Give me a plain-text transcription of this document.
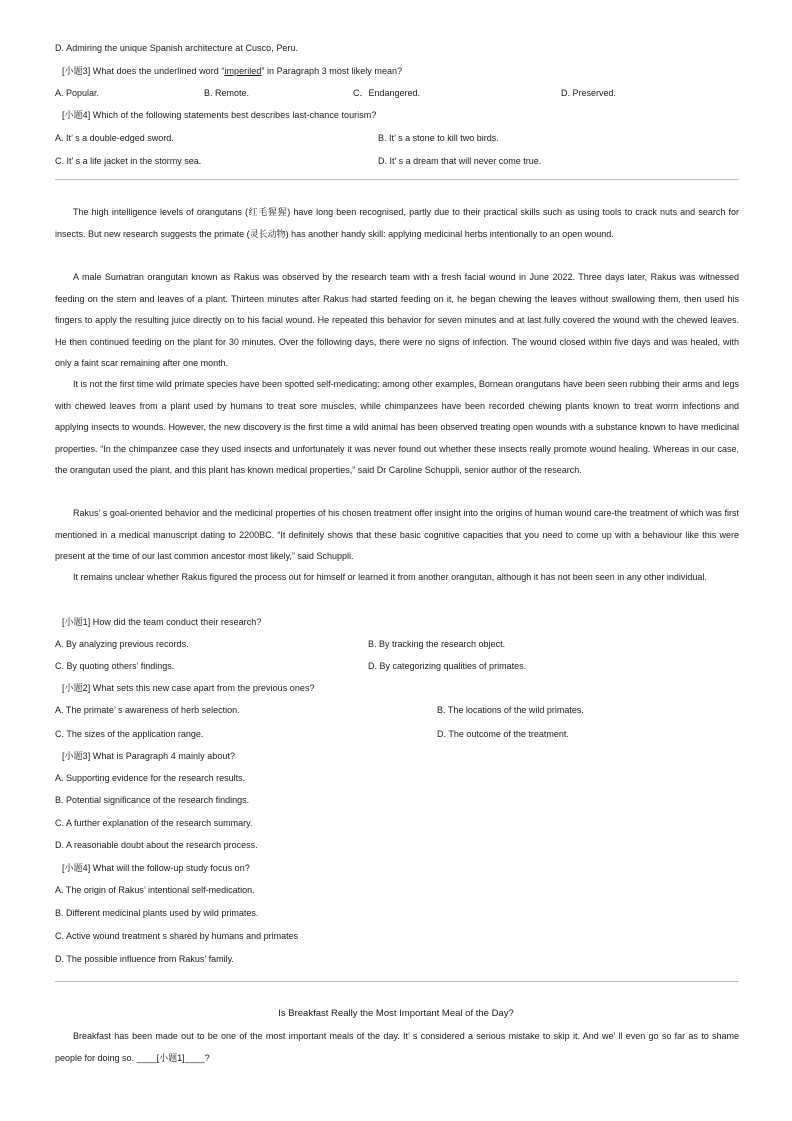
D. Admiring the unique Spanish architecture at Cusco, Peru.
[小题3] What does the underlined word “imperiled” in Paragraph 3 most likely mean?
A. Popular.	B. Remote.	C．Endangered.	D. Preserved.
[小题4] Which of the following statements best describes last-chance tourism?
A. It’ s a double-edged sword.	B. It’ s a stone to kill two birds.
C. It’ s a life jacket in the stormy sea.	D. It’ s a dream that will never come true.

The high intelligence levels of orangutans (红毛猩猩) have long been recognised, partly due to their practical skills such as using tools to crack nuts and search for insects. But new research suggests the primate (灵长动物) has another handy skill: applying medicinal herbs intentionally to an open wound.

A male Sumatran orangutan known as Rakus was observed by the research team with a fresh facial wound in June 2022. Three days later, Rakus was witnessed feeding on the stem and leaves of a plant. Thirteen minutes after Rakus had started feeding on it, he began chewing the leaves without swallowing them, then used his fingers to apply the resulting juice directly on to his facial wound. He repeated this behavior for seven minutes and at last fully covered the wound with the chewed leaves. He then continued feeding on the plant for 30 minutes. Over the following days, there were no signs of infection. The wound closed within five days and was healed, with only a faint scar remaining after one month.

It is not the first time wild primate species have been spotted self-medicating: among other examples, Bornean orangutans have been seen rubbing their arms and legs with chewed leaves from a plant used by humans to treat sore muscles, while chimpanzees have been recorded chewing plants known to treat worm infections and applying insects to wounds. However, the new discovery is the first time a wild animal has been observed treating open wounds with a substance known to have medicinal properties. “In the chimpanzee case they used insects and unfortunately it was never found out whether these insects really promote wound healing. Whereas in our case, the orangutan used the plant, and this plant has known medical properties,” said Dr Caroline Schuppli, senior author of the research.

Rakus’ s goal-oriented behavior and the medicinal properties of his chosen treatment offer insight into the origins of human wound care-the treatment of which was first mentioned in a medical manuscript dating to 2200BC. “It definitely shows that these basic cognitive capacities that you need to come up with a behaviour like this were present at the time of our last common ancestor most likely,” said Schuppli.

It remains unclear whether Rakus figured the process out for himself or learned it from another orangutan, although it has not been seen in any other individual.

[小题1] How did the team conduct their research?
A. By analyzing previous records.	B. By tracking the research object.
C. By quoting others’ findings.	D. By categorizing qualities of primates.
[小题2] What sets this new case apart from the previous ones?
A. The primate’ s awareness of herb selection.	B. The locations of the wild primates.
C. The sizes of the application range.	D. The outcome of the treatment.
[小题3] What is Paragraph 4 mainly about?
A. Supporting evidence for the research results.
B. Potential significance of the research findings.
C. A further explanation of the research summary.
D. A reasonable doubt about the research process.
[小题4] What will the follow-up study focus on?
A. The origin of Rakus’ intentional self-medication.
B. Different medicinal plants used by wild primates.
C. Active wound treatment s shared by humans and primates
D. The possible influence from Rakus’ family.
Is Breakfast Really the Most Important Meal of the Day?

Breakfast has been made out to be one of the most important meals of the day. It’ s considered a serious mistake to skip it. And we’ ll even go so far as to shame people for doing so. ____[小题1]____?
